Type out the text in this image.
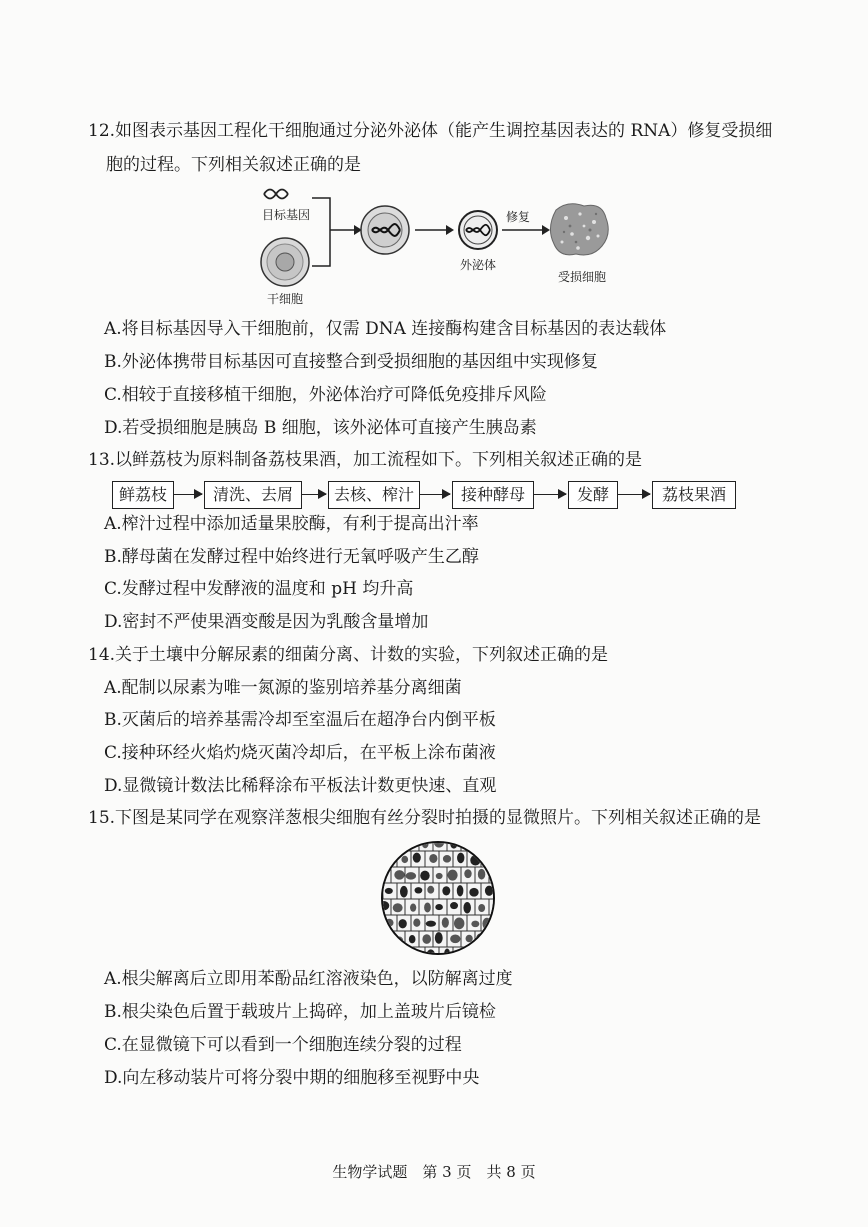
12.如图表示基因工程化干细胞通过分泌外泌体（能产生调控基因表达的 RNA）修复受损细
胞的过程。下列相关叙述正确的是
目标基因
干细胞
外泌体
修复
受损细胞
A.将目标基因导入干细胞前，仅需 DNA 连接酶构建含目标基因的表达载体
B.外泌体携带目标基因可直接整合到受损细胞的基因组中实现修复
C.相较于直接移植干细胞，外泌体治疗可降低免疫排斥风险
D.若受损细胞是胰岛 B 细胞，该外泌体可直接产生胰岛素
13.以鲜荔枝为原料制备荔枝果酒，加工流程如下。下列相关叙述正确的是
鲜荔枝	清洗、去屑	去核、榨汁	接种酵母	发酵	荔枝果酒
A.榨汁过程中添加适量果胶酶，有利于提高出汁率
B.酵母菌在发酵过程中始终进行无氧呼吸产生乙醇
C.发酵过程中发酵液的温度和 pH 均升高
D.密封不严使果酒变酸是因为乳酸含量增加
14.关于土壤中分解尿素的细菌分离、计数的实验，下列叙述正确的是
A.配制以尿素为唯一氮源的鉴别培养基分离细菌
B.灭菌后的培养基需冷却至室温后在超净台内倒平板
C.接种环经火焰灼烧灭菌冷却后，在平板上涂布菌液
D.显微镜计数法比稀释涂布平板法计数更快速、直观
15.下图是某同学在观察洋葱根尖细胞有丝分裂时拍摄的显微照片。下列相关叙述正确的是
A.根尖解离后立即用苯酚品红溶液染色，以防解离过度
B.根尖染色后置于载玻片上捣碎，加上盖玻片后镜检
C.在显微镜下可以看到一个细胞连续分裂的过程
D.向左移动装片可将分裂中期的细胞移至视野中央
生物学试题　第 3 页　共 8 页
